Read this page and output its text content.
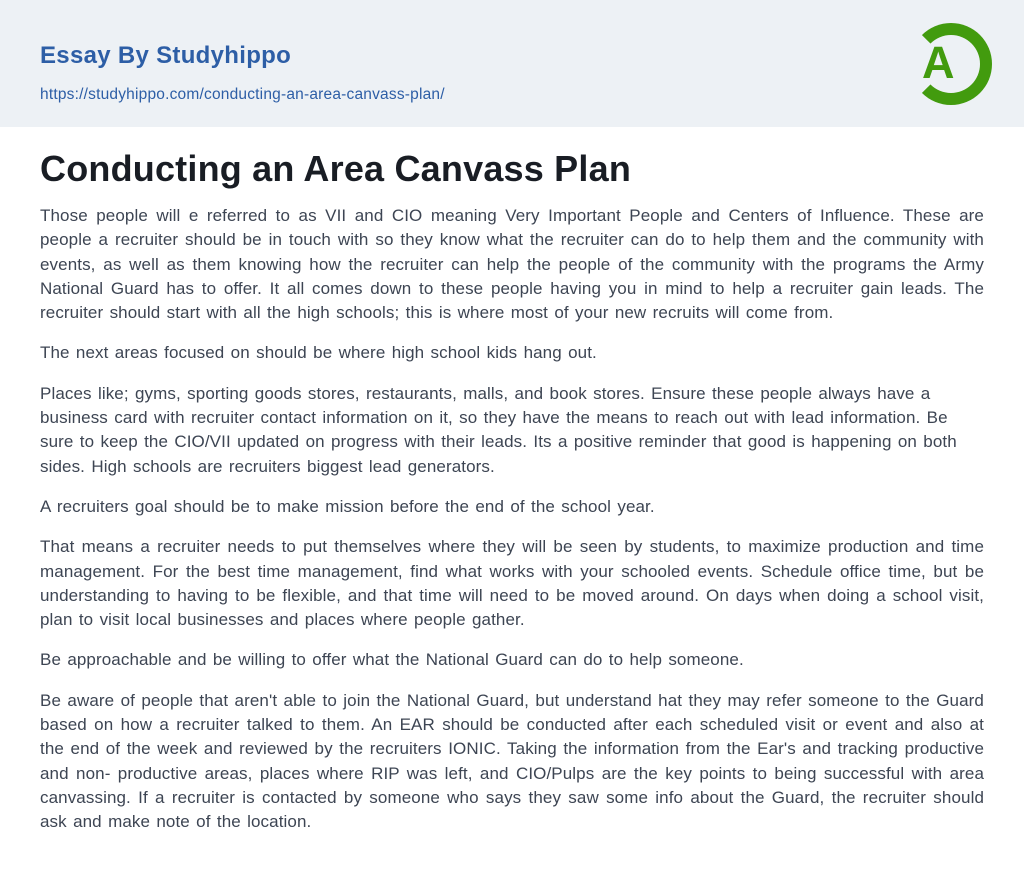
Essay By Studyhippo
https://studyhippo.com/conducting-an-area-canvass-plan/
A
Conducting an Area Canvass Plan

Those people will e referred to as VII and CIO meaning Very Important People and Centers of Influence. These are people a recruiter should be in touch with so they know what the recruiter can do to help them and the community with events, as well as them knowing how the recruiter can help the people of the community with the programs the Army National Guard has to offer. It all comes down to these people having you in mind to help a recruiter gain leads. The recruiter should start with all the high schools; this is where most of your new recruits will come from.

The next areas focused on should be where high school kids hang out.

Places like; gyms, sporting goods stores, restaurants, malls, and book stores. Ensure these people always have a business card with recruiter contact information on it, so they have the means to reach out with lead information. Be sure to keep the CIO/VII updated on progress with their leads. Its a positive reminder that good is happening on both sides. High schools are recruiters biggest lead generators.

A recruiters goal should be to make mission before the end of the school year.

That means a recruiter needs to put themselves where they will be seen by students, to maximize production and time management. For the best time management, find what works with your schooled events. Schedule office time, but be understanding to having to be flexible, and that time will need to be moved around. On days when doing a school visit, plan to visit local businesses and places where people gather.

Be approachable and be willing to offer what the National Guard can do to help someone.

Be aware of people that aren't able to join the National Guard, but understand hat they may refer someone to the Guard based on how a recruiter talked to them. An EAR should be conducted after each scheduled visit or event and also at the end of the week and reviewed by the recruiters IONIC. Taking the information from the Ear's and tracking productive and non- productive areas, places where RIP was left, and CIO/Pulps are the key points to being successful with area canvassing. If a recruiter is contacted by someone who says they saw some info about the Guard, the recruiter should ask and make note of the location.
